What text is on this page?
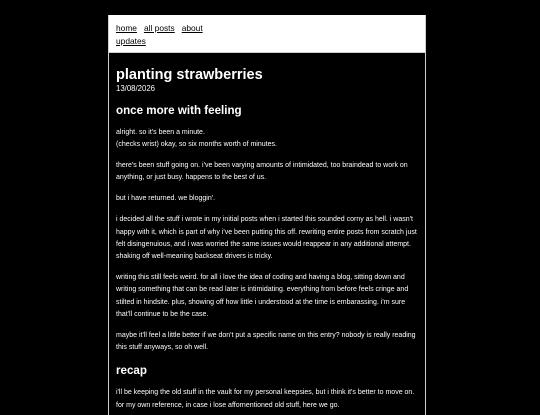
home all posts about
updates
planting strawberries
13/08/2026
once more with feeling

alright. so it's been a minute.
(checks wrist) okay, so six months worth of minutes.

there's been stuff going on. i've been varying amounts of intimidated, too braindead to work on anything, or just busy. happens to the best of us.

but i have returned. we bloggin'.

i decided all the stuff i wrote in my initial posts when i started this sounded corny as hell. i wasn't happy with it, which is part of why i've been putting this off. rewriting entire posts from scratch just felt disingenuious, and i was worried the same issues would reappear in any additional attempt. shaking off well-meaning backseat drivers is tricky.

writing this still feels weird. for all i love the idea of coding and having a blog, sitting down and writing something that can be read later is intimidating. everything from before feels cringe and stilted in hindsite. plus, showing off how little i understood at the time is embarassing. i'm sure that'll continue to be the case.

maybe it'll feel a little better if we don't put a specific name on this entry? nobody is really reading this stuff anyways, so oh well.

recap

i'll be keeping the old stuff in the vault for my personal keepsies, but i think it's better to move on. for my own reference, in case i lose affornentioned old stuff, here we go.
